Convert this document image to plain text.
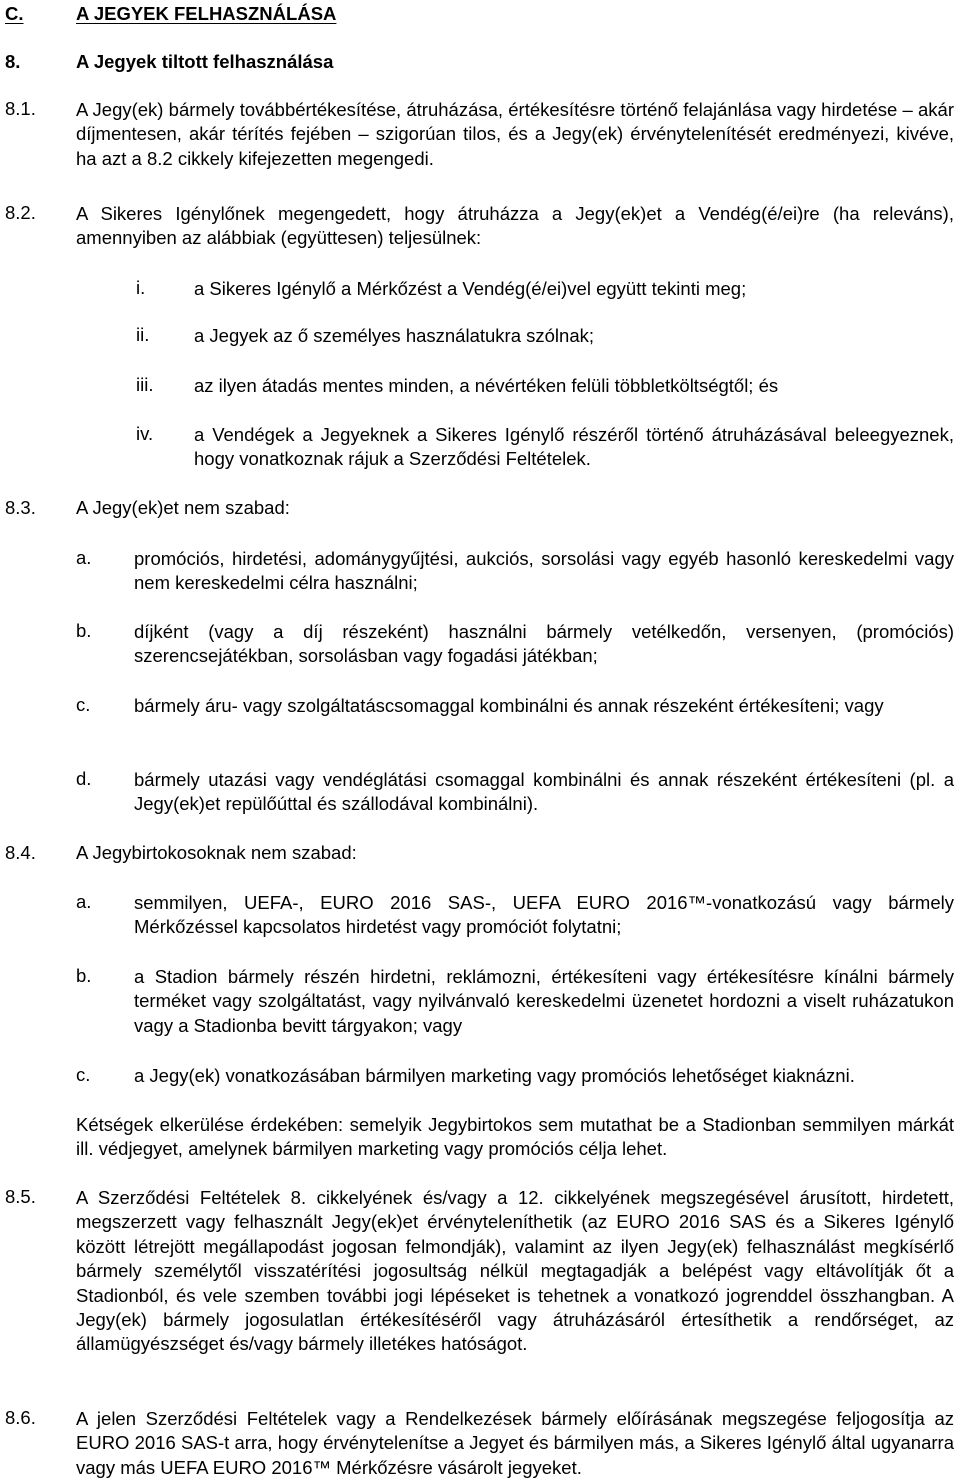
C.	A JEGYEK FELHASZNÁLÁSA
8.	A Jegyek tiltott felhasználása
8.1. A Jegy(ek) bármely továbbértékesítése, átruházása, értékesítésre történő felajánlása vagy hirdetése – akár díjmentesen, akár térítés fejében – szigorúan tilos, és a Jegy(ek) érvénytelenítését eredményezi, kivéve, ha azt a 8.2 cikkely kifejezetten megengedi.

8.2. A Sikeres Igénylőnek megengedett, hogy átruházza a Jegy(ek)et a Vendég(é/ei)re (ha releváns), amennyiben az alábbiak (együttesen) teljesülnek:

i.	a Sikeres Igénylő a Mérkőzést a Vendég(é/ei)vel együtt tekinti meg;

ii. a Jegyek az ő személyes használatukra szólnak;

iii. az ilyen átadás mentes minden, a névértéken felüli többletköltségtől; és

iv. a Vendégek a Jegyeknek a Sikeres Igénylő részéről történő átruházásával beleegyeznek, hogy vonatkoznak rájuk a Szerződési Feltételek.

8.3. A Jegy(ek)et nem szabad:
a. promóciós, hirdetési, adománygyűjtési, aukciós, sorsolási vagy egyéb hasonló kereskedelmi vagy nem kereskedelmi célra használni;

b. díjként (vagy a díj részeként) használni bármely vetélkedőn, versenyen, (promóciós) szerencsejátékban, sorsolásban vagy fogadási játékban;

c. bármely áru- vagy szolgáltatáscsomaggal kombinálni és annak részeként értékesíteni; vagy

d. bármely utazási vagy vendéglátási csomaggal kombinálni és annak részeként értékesíteni (pl. a Jegy(ek)et repülőúttal és szállodával kombinálni).

8.4. A Jegybirtokosoknak nem szabad:
a. semmilyen, UEFA-, EURO 2016 SAS-, UEFA EURO 2016™-vonatkozású vagy bármely Mérkőzéssel kapcsolatos hirdetést vagy promóciót folytatni;

b. a Stadion bármely részén hirdetni, reklámozni, értékesíteni vagy értékesítésre kínálni bármely terméket vagy szolgáltatást, vagy nyilvánvaló kereskedelmi üzenetet hordozni a viselt ruházatukon vagy a Stadionba bevitt tárgyakon; vagy

c. a Jegy(ek) vonatkozásában bármilyen marketing vagy promóciós lehetőséget kiaknázni.

Kétségek elkerülése érdekében: semelyik Jegybirtokos sem mutathat be a Stadionban semmilyen márkát ill. védjegyet, amelynek bármilyen marketing vagy promóciós célja lehet.

8.5. A Szerződési Feltételek 8. cikkelyének és/vagy a 12. cikkelyének megszegésével árusított, hirdetett, megszerzett vagy felhasznált Jegy(ek)et érvényteleníthetik (az EURO 2016 SAS és a Sikeres Igénylő között létrejött megállapodást jogosan felmondják), valamint az ilyen Jegy(ek) felhasználást megkísérlő bármely személytől visszatérítési jogosultság nélkül megtagadják a belépést vagy eltávolítják őt a Stadionból, és vele szemben további jogi lépéseket is tehetnek a vonatkozó jogrenddel összhangban. A Jegy(ek) bármely jogosulatlan értékesítéséről vagy átruházásáról értesíthetik a rendőrséget, az államügyészséget és/vagy bármely illetékes hatóságot.

8.6. A jelen Szerződési Feltételek vagy a Rendelkezések bármely előírásának megszegése feljogosítja az EURO 2016 SAS-t arra, hogy érvénytelenítse a Jegyet és bármilyen más, a Sikeres Igénylő által ugyanarra vagy más UEFA EURO 2016™ Mérkőzésre vásárolt jegyeket.
